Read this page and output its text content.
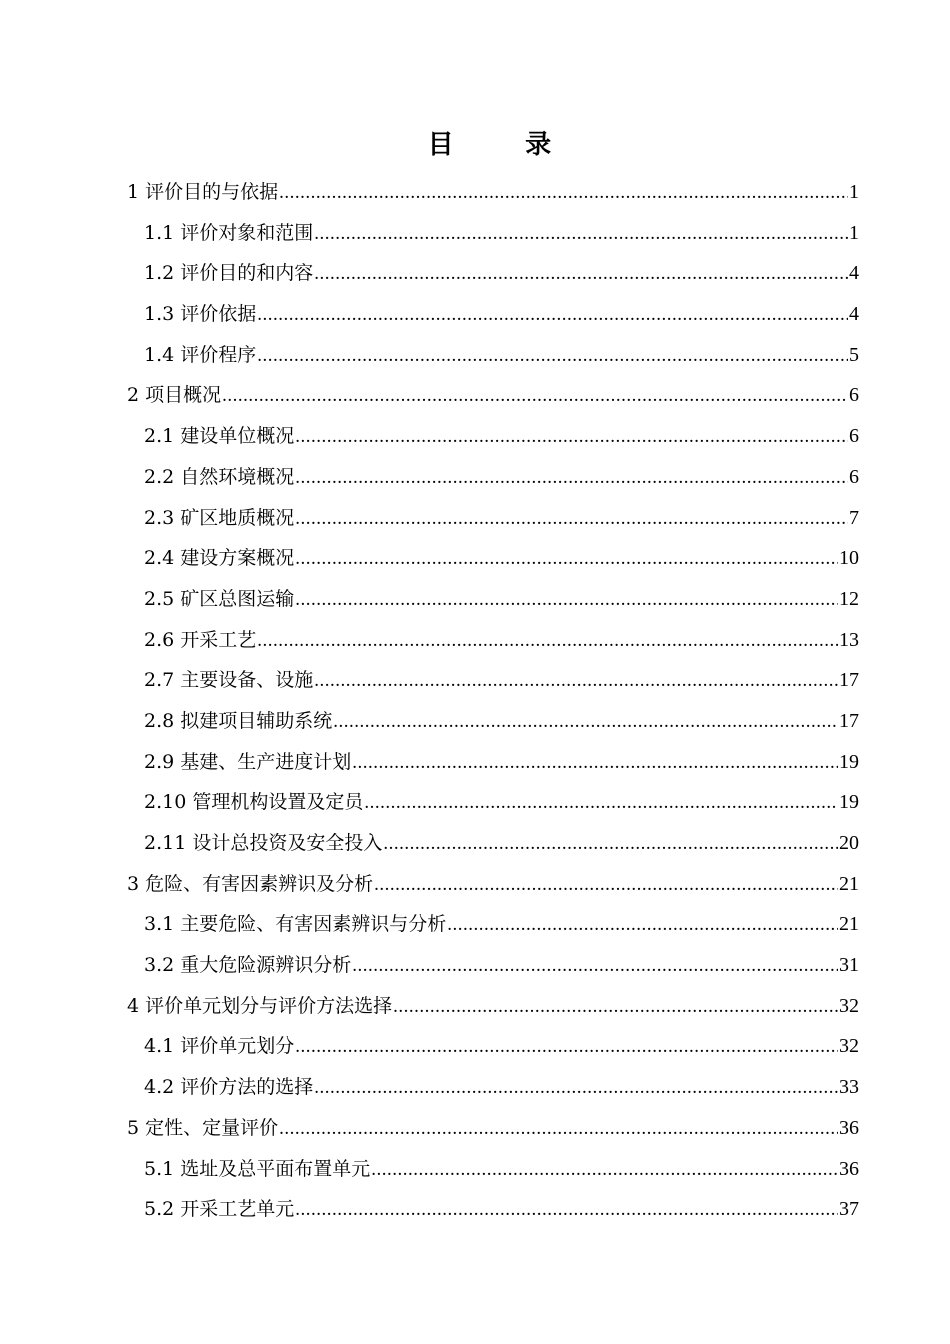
目 录
1 评价目的与依据 .....	1
1.1 评价对象和范围 .....	1
1.2 评价目的和内容 .....	4
1.3 评价依据 .....	4
1.4 评价程序 .....	5
2 项目概况 .....	6
2.1 建设单位概况 .....	6
2.2 自然环境概况 .....	6
2.3 矿区地质概况 .....	7
2.4 建设方案概况 .....	10
2.5 矿区总图运输 .....	12
2.6 开采工艺 .....	13
2.7 主要设备、设施 .....	17
2.8 拟建项目辅助系统 .....	17
2.9 基建、生产进度计划 .....	19
2.10 管理机构设置及定员 .....	19
2.11 设计总投资及安全投入 .....	20
3 危险、有害因素辨识及分析 .....	21
3.1 主要危险、有害因素辨识与分析 .....	21
3.2 重大危险源辨识分析 .....	31
4 评价单元划分与评价方法选择 .....	32
4.1 评价单元划分 .....	32
4.2 评价方法的选择 .....	33
5 定性、定量评价 .....	36
5.1 选址及总平面布置单元 .....	36
5.2 开采工艺单元 .....	37
